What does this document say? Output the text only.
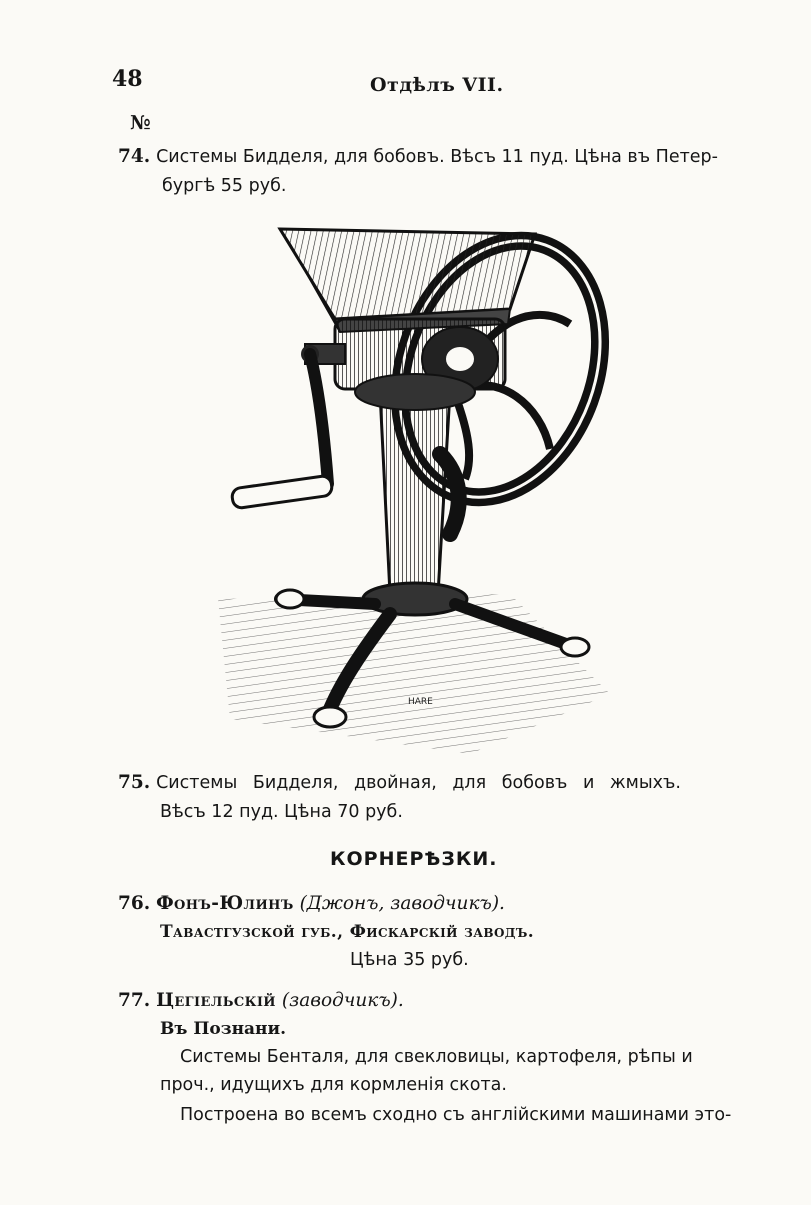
48	Отдѣлъ VII.
№
74. Системы Бидделя, для бобовъ. Вѣсъ 11 пуд. Цѣна въ Петер-
бургѣ 55 руб.
HARE
75. Системы Бидделя, двойная, для бобовъ и жмыхъ.
Вѣсъ 12 пуд. Цѣна 70 руб.
КОРНЕРѢЗКИ.
76. Фонъ-Юлинъ (Джонъ, заводчикъ).
Тавастгузской губ., Фискарскій заводъ.
Цѣна 35 руб.
77. Цегіельскій (заводчикъ).
Въ Познани.
Системы Бенталя, для свекловицы, картофеля, рѣпы и
проч., идущихъ для кормленія скота.
Построена во всемъ сходно съ англійскими машинами это-
